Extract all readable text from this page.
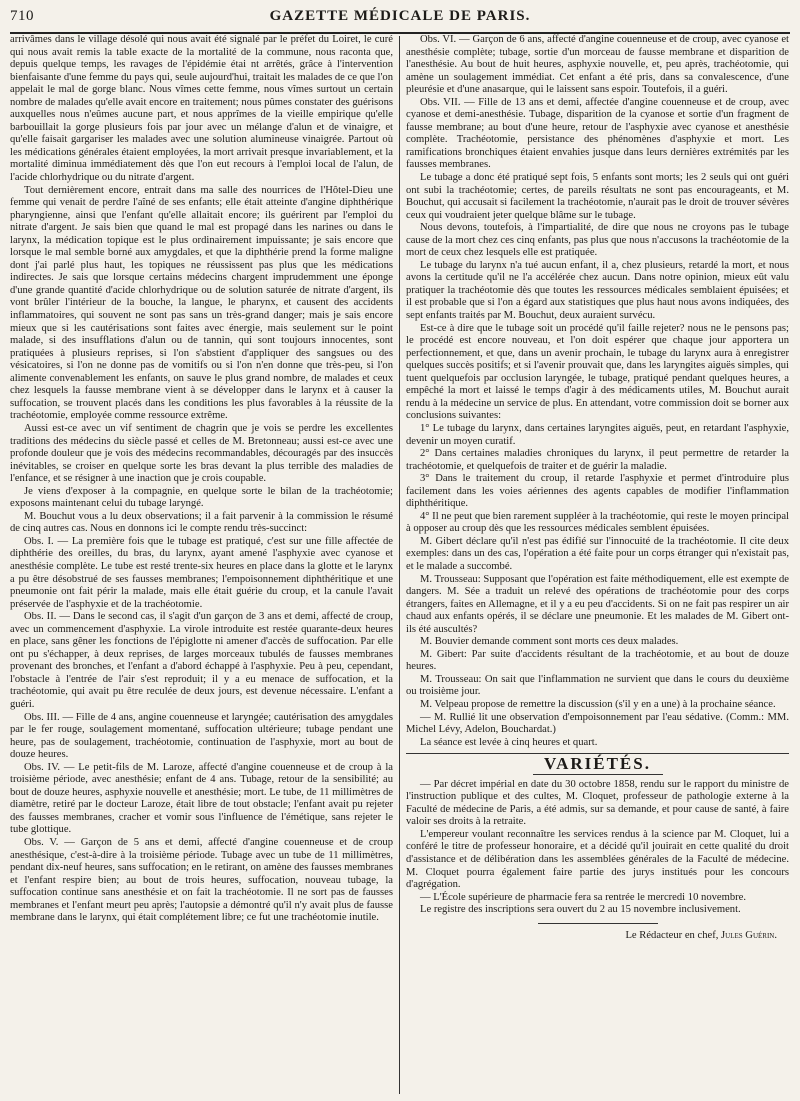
710	GAZETTE MÉDICALE DE PARIS.

arrivâmes dans le village désolé qui nous avait été signalé par le préfet du Loiret, le curé qui nous avait remis la table exacte de la mortalité de la commune, nous raconta que, depuis quelque temps, les ravages de l'épidémie étai nt arrêtés, grâce à l'intervention bienfaisante d'une femme du pays qui, seule aujourd'hui, traitait les malades de ce que l'on appelait le mal de gorge blanc. Nous vîmes cette femme, nous vîmes surtout un certain nombre de malades qu'elle avait encore en traitement; nous pûmes constater des guérisons auxquelles nous n'eûmes aucune part, et nous apprîmes de la vieille empirique qu'elle barbouillait la gorge plusieurs fois par jour avec un mélange d'alun et de vinaigre, et qu'elle faisait gargariser les malades avec une solution alumineuse vinaigrée. Partout où les médications générales étaient employées, la mort arrivait presque invariablement, et la mortalité diminua immédiatement dès que l'on eut recours à l'emploi local de l'alun, de l'acide chlorhydrique ou du nitrate d'argent.

Tout dernièrement encore, entrait dans ma salle des nourrices de l'Hôtel-Dieu une femme qui venait de perdre l'aîné de ses enfants; elle était atteinte d'angine diphthérique pharyngienne, ainsi que l'enfant qu'elle allaitait encore; ils guérirent par l'emploi du nitrate d'argent. Je sais bien que quand le mal est propagé dans les narines ou dans le larynx, la médication topique est le plus ordinairement impuissante; je sais encore que lorsque le mal semble borné aux amygdales, et que la diphthérie prend la forme maligne dont j'ai parlé plus haut, les topiques ne réussissent pas plus que les médications indirectes. Je sais que lorsque certains médecins chargent imprudemment une éponge d'une grande quantité d'acide chlorhydrique ou de solution saturée de nitrate d'argent, ils vont brûler l'intérieur de la bouche, la langue, le pharynx, et causent des accidents inflammatoires, qui souvent ne sont pas sans un très-grand danger; mais je sais encore mieux que si les cautérisations sont faites avec énergie, mais seulement sur le point malade, si des insufflations d'alun ou de tannin, qui sont toujours innocentes, sont pratiquées à plusieurs reprises, si l'on s'abstient d'appliquer des sangsues ou des vésicatoires, si l'on ne donne pas de vomitifs ou si l'on n'en donne que très-peu, si l'on alimente convenablement les enfants, on sauve le plus grand nombre, de malades et ceux chez lesquels la fausse membrane vient à se développer dans le larynx et à causer la suffocation, se trouvent placés dans les conditions les plus favorables à la réussite de la trachéotomie, employée comme ressource extrême.

Aussi est-ce avec un vif sentiment de chagrin que je vois se perdre les excellentes traditions des médecins du siècle passé et celles de M. Bretonneau; aussi est-ce avec une profonde douleur que je vois des médecins recommandables, découragés par des insuccès inévitables, se croiser en quelque sorte les bras devant la plus terrible des maladies de l'enfance, et se résigner à une inaction que je crois coupable.

Je viens d'exposer à la compagnie, en quelque sorte le bilan de la trachéotomie; exposons maintenant celui du tubage laryngé.

M. Bouchut vous a lu deux observations; il a fait parvenir à la commission le résumé de cinq autres cas. Nous en donnons ici le compte rendu très-succinct:

Obs. I. — La première fois que le tubage est pratiqué, c'est sur une fille affectée de diphthérie des oreilles, du bras, du larynx, ayant amené l'asphyxie avec cyanose et anesthésie complète. Le tube est resté trente-six heures en place dans la glotte et le larynx a pu être désobstrué de ses fausses membranes; l'empoisonnement diphthéritique et une pneumonie ont fait périr la malade, mais elle était guérie du croup, et la canule l'avait préservée de l'asphyxie et de la trachéotomie.

Obs. II. — Dans le second cas, il s'agit d'un garçon de 3 ans et demi, affecté de croup, avec un commencement d'asphyxie. La virole introduite est restée quarante-deux heures en place, sans gêner les fonctions de l'épiglotte ni amener d'accès de suffocation. Par elle ont pu s'échapper, à deux reprises, de larges morceaux tubulés de fausses membranes provenant des bronches, et l'enfant a d'abord échappé à l'asphyxie. Peu à peu, cependant, l'obstacle à l'entrée de l'air s'est reproduit; il y a eu menace de suffocation, et la trachéotomie, qui avait pu être reculée de deux jours, est devenue nécessaire. L'enfant a guéri.

Obs. III. — Fille de 4 ans, angine couenneuse et laryngée; cautérisation des amygdales par le fer rouge, soulagement momentané, suffocation ultérieure; tubage pendant une heure, pas de soulagement, trachéotomie, continuation de l'asphyxie, mort au bout de douze heures.

Obs. IV. — Le petit-fils de M. Laroze, affecté d'angine couenneuse et de croup à la troisième période, avec anesthésie; enfant de 4 ans. Tubage, retour de la sensibilité; au bout de douze heures, asphyxie nouvelle et anesthésie; mort. Le tube, de 11 millimètres de diamètre, retiré par le docteur Laroze, était libre de tout obstacle; l'enfant avait pu rejeter des fausses membranes, cracher et vomir sous l'influence de l'émétique, sans rejeter le tube glottique.

Obs. V. — Garçon de 5 ans et demi, affecté d'angine couenneuse et de croup anesthésique, c'est-à-dire à la troisième période. Tubage avec un tube de 11 millimètres, pendant dix-neuf heures, sans suffocation; en le retirant, on amène des fausses membranes et l'enfant respire bien; au bout de trois heures, suffocation, nouveau tubage, la suffocation continue sans anesthésie et on fait la trachéotomie. Il ne sort pas de fausses membranes et l'enfant meurt peu après; l'autopsie a démontré qu'il n'y avait plus de fausse membrane dans le larynx, qui était complétement libre; ce fut une trachéotomie inutile.

Obs. VI. — Garçon de 6 ans, affecté d'angine couenneuse et de croup, avec cyanose et anesthésie complète; tubage, sortie d'un morceau de fausse membrane et disparition de l'anesthésie. Au bout de huit heures, asphyxie nouvelle, et, peu après, trachéotomie, qui amène un soulagement immédiat. Cet enfant a été pris, dans sa convalescence, d'une pleurésie et d'une anasarque, qui le laissent sans espoir. Toutefois, il a guéri.

Obs. VII. — Fille de 13 ans et demi, affectée d'angine couenneuse et de croup, avec cyanose et demi-anesthésie. Tubage, disparition de la cyanose et sortie d'un fragment de fausse membrane; au bout d'une heure, retour de l'asphyxie avec cyanose et anesthésie complète. Trachéotomie, persistance des phénomènes d'asphyxie et mort. Les ramifications bronchiques étaient envahies jusque dans leurs dernières extrémités par les fausses membranes.

Le tubage a donc été pratiqué sept fois, 5 enfants sont morts; les 2 seuls qui ont guéri ont subi la trachéotomie; certes, de pareils résultats ne sont pas encourageants, et M. Bouchut, qui accusait si facilement la trachéotomie, n'aurait pas le droit de trouver sévères ceux qui voudraient jeter quelque blâme sur le tubage.

Nous devons, toutefois, à l'impartialité, de dire que nous ne croyons pas le tubage cause de la mort chez ces cinq enfants, pas plus que nous n'accusons la trachéotomie de la mort de ceux chez lesquels elle est pratiquée.

Le tubage du larynx n'a tué aucun enfant, il a, chez plusieurs, retardé la mort, et nous avons la certitude qu'il ne l'a accélérée chez aucun. Dans notre opinion, mieux eût valu pratiquer la trachéotomie dès que toutes les ressources médicales semblaient épuisées; et il est probable que si l'on a égard aux statistiques que plus haut nous avons indiquées, des sept enfants traités par M. Bouchut, deux auraient survécu.

Est-ce à dire que le tubage soit un procédé qu'il faille rejeter? nous ne le pensons pas; le procédé est encore nouveau, et l'on doit espérer que chaque jour apportera un perfectionnement, et que, dans un avenir prochain, le tubage du larynx aura à enregistrer quelques succès positifs; et si l'avenir prouvait que, dans les laryngites aiguës simples, qui tuent quelquefois par occlusion laryngée, le tubage, pratiqué pendant quelques heures, a empêché la mort et laissé le temps d'agir à des médicaments utiles, M. Bouchut aurait rendu à la médecine un service de plus. En attendant, votre commission doit se borner aux conclusions suivantes:

1° Le tubage du larynx, dans certaines laryngites aiguës, peut, en retardant l'asphyxie, devenir un moyen curatif.
2° Dans certaines maladies chroniques du larynx, il peut permettre de retarder la trachéotomie, et quelquefois de traiter et de guérir la maladie.
3° Dans le traitement du croup, il retarde l'asphyxie et permet d'introduire plus facilement dans les voies aériennes des agents capables de modifier l'inflammation diphthéritique.
4° Il ne peut que bien rarement suppléer à la trachéotomie, qui reste le moyen principal à opposer au croup dès que les ressources médicales semblent épuisées.

M. Gibert déclare qu'il n'est pas édifié sur l'innocuité de la trachéotomie. Il cite deux exemples: dans un des cas, l'opération a été faite pour un corps étranger qui n'existait pas, et le malade a succombé.

M. Trousseau: Supposant que l'opération est faite méthodiquement, elle est exempte de dangers. M. Sée a traduit un relevé des opérations de trachéotomie pour des corps étrangers, faites en Allemagne, et il y a eu peu d'accidents. Si on ne fait pas respirer un air chaud aux enfants opérés, il se déclare une pneumonie. Et les malades de M. Gibert ont-ils été auscultés?

M. Bouvier demande comment sont morts ces deux malades.

M. Gibert: Par suite d'accidents résultant de la trachéotomie, et au bout de douze heures.

M. Trousseau: On sait que l'inflammation ne survient que dans le cours du deuxième ou troisième jour.

M. Velpeau propose de remettre la discussion (s'il y en a une) à la prochaine séance.

— M. Rullié lit une observation d'empoisonnement par l'eau sédative. (Comm.: MM. Michel Lévy, Adelon, Bouchardat.)

La séance est levée à cinq heures et quart.

VARIÉTÉS.

— Par décret impérial en date du 30 octobre 1858, rendu sur le rapport du ministre de l'instruction publique et des cultes, M. Cloquet, professeur de pathologie externe à la Faculté de médecine de Paris, a été admis, sur sa demande, et pour cause de santé, à faire valoir ses droits à la retraite.

L'empereur voulant reconnaître les services rendus à la science par M. Cloquet, lui a conféré le titre de professeur honoraire, et a décidé qu'il jouirait en cette qualité du droit d'assistance et de délibération dans les assemblées générales de la Faculté de médecine. M. Cloquet pourra également faire partie des jurys institués pour les concours d'agrégation.

— L'École supérieure de pharmacie fera sa rentrée le mercredi 10 novembre.

Le registre des inscriptions sera ouvert du 2 au 15 novembre inclusivement.

Le Rédacteur en chef, Jules Guérin.
